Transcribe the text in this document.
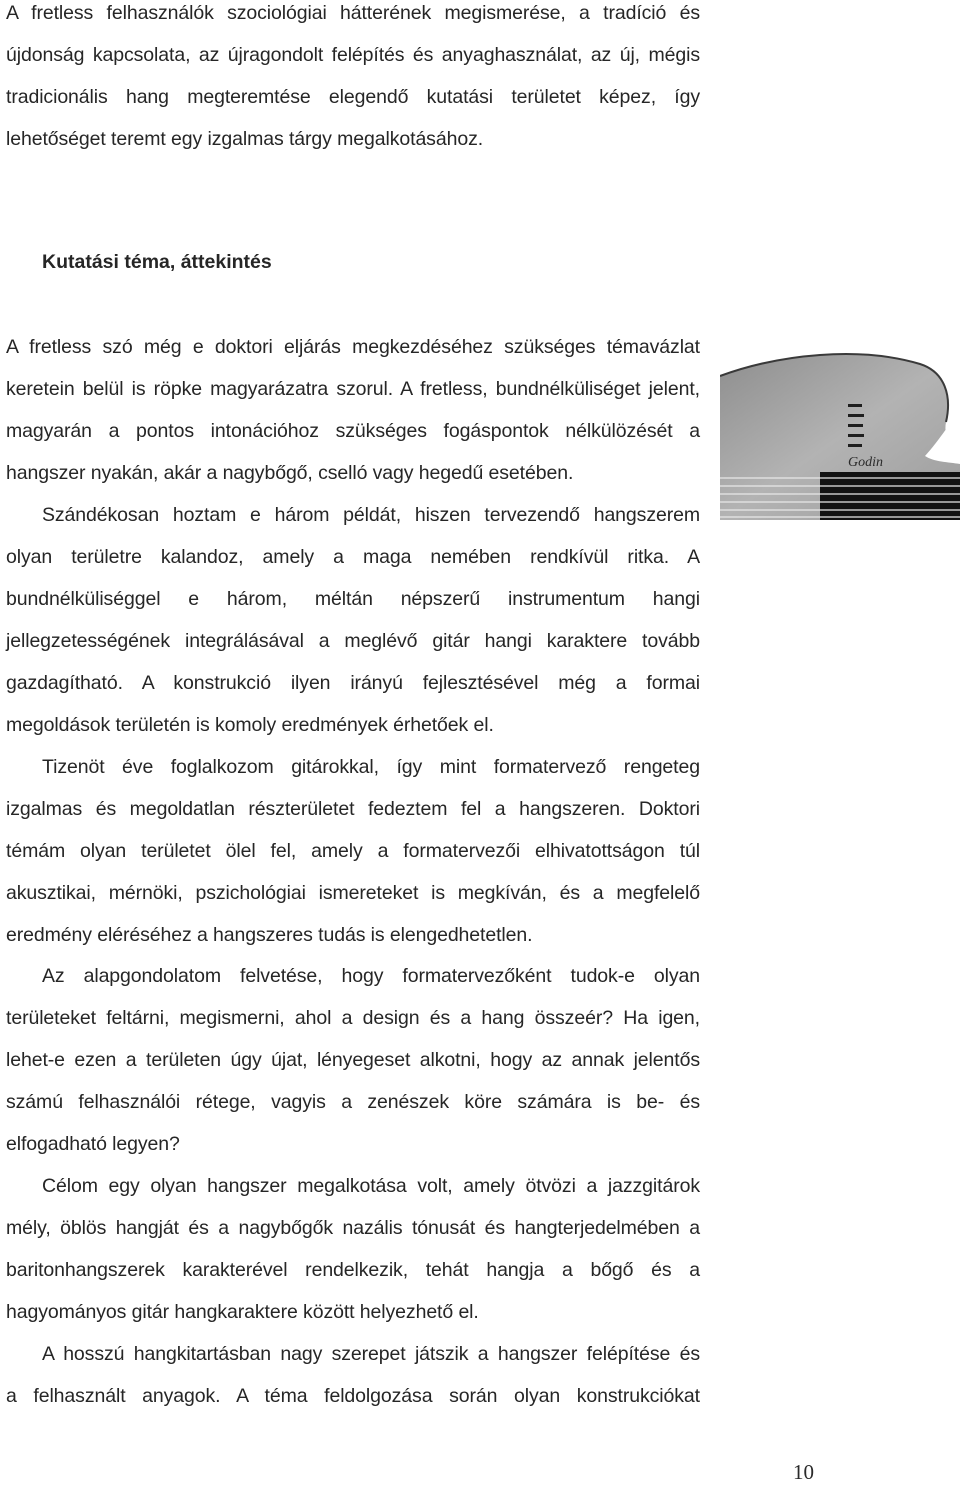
A fretless felhasználók szociológiai hátterének megismerése, a tradíció és
újdonság kapcsolata, az újragondolt felépítés és anyaghasználat, az új, mégis
tradicionális hang megteremtése elegendő kutatási területet képez, így
lehetőséget teremt egy izgalmas tárgy megalkotásához.
Kutatási téma, áttekintés
A fretless szó még e doktori eljárás megkezdéséhez szükséges témavázlat
keretein belül is röpke magyarázatra szorul. A fretless, bundnélküliséget jelent,
magyarán a pontos intonációhoz szükséges fogáspontok nélkülözését a
hangszer nyakán, akár a nagybőgő, cselló vagy hegedű esetében.
Szándékosan hoztam e három példát, hiszen tervezendő hangszerem
olyan területre kalandoz, amely a maga nemében rendkívül ritka. A
bundnélküliséggel e három, méltán népszerű instrumentum hangi
jellegzetességének integrálásával a meglévő gitár hangi karaktere tovább
gazdagítható. A konstrukció ilyen irányú fejlesztésével még a formai
megoldások területén is komoly eredmények érhetőek el.
Tizenöt éve foglalkozom gitárokkal, így mint formatervező rengeteg
izgalmas és megoldatlan részterületet fedeztem fel a hangszeren. Doktori
témám olyan területet ölel fel, amely a formatervezői elhivatottságon túl
akusztikai, mérnöki, pszichológiai ismereteket is megkíván, és a megfelelő
eredmény eléréséhez a hangszeres tudás is elengedhetetlen.
Az alapgondolatom felvetése, hogy formatervezőként tudok-e olyan
területeket feltárni, megismerni, ahol a design és a hang összeér? Ha igen,
lehet-e ezen a területen úgy újat, lényegeset alkotni, hogy az annak jelentős
számú felhasználói rétege, vagyis a zenészek köre számára is be- és
elfogadható legyen?
Célom egy olyan hangszer megalkotása volt, amely ötvözi a jazzgitárok
mély, öblös hangját és a nagybőgők nazális tónusát és hangterjedelmében a
baritonhangszerek karakterével rendelkezik, tehát hangja a bőgő és a
hagyományos gitár hangkaraktere között helyezhető el.
A hosszú hangkitartásban nagy szerepet játszik a hangszer felépítése és
a felhasznált anyagok. A téma feldolgozása során olyan konstrukciókat
Godin
10
